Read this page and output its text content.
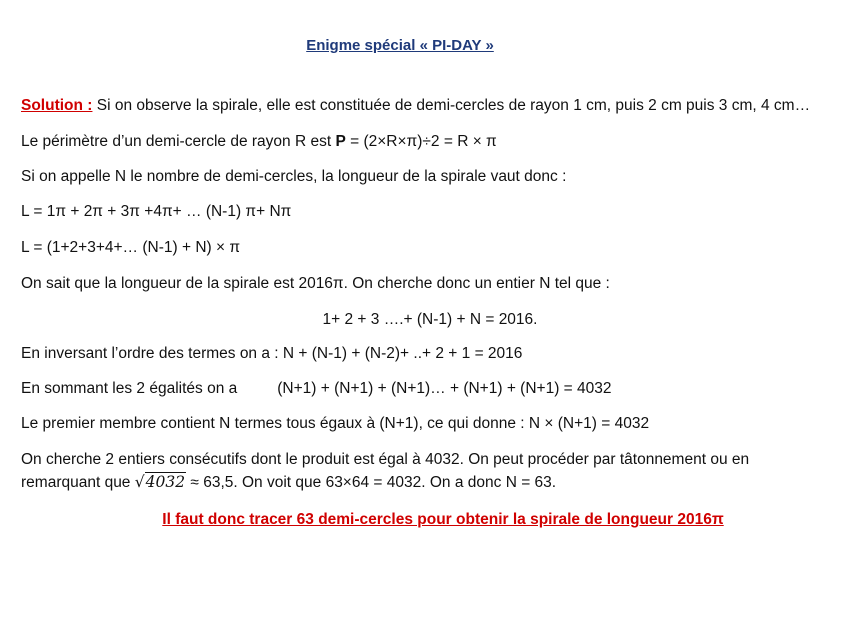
Enigme spécial « PI-DAY »
Solution : Si on observe la spirale, elle est constituée de demi-cercles de rayon 1 cm, puis 2 cm puis 3 cm, 4 cm…
Le périmètre d’un demi-cercle de rayon R est P = (2×R×π)÷2 = R × π
Si on appelle N le nombre de demi-cercles, la longueur de la spirale vaut donc :
L = 1π + 2π + 3π +4π+ … (N-1) π+ Nπ
L = (1+2+3+4+… (N-1) + N) × π
On sait que la longueur de la spirale est 2016π. On cherche donc un entier N tel que :
1+ 2 + 3 ….+ (N-1) + N = 2016.
En inversant l’ordre des termes on a : N + (N-1) + (N-2)+ ..+ 2 + 1 = 2016
En sommant les 2 égalités on a	(N+1) + (N+1) + (N+1)… + (N+1) + (N+1) = 4032
Le premier membre contient N termes tous égaux à (N+1), ce qui donne : N × (N+1) = 4032
On cherche 2 entiers consécutifs dont le produit est égal à 4032. On peut procéder par tâtonnement ou en
remarquant que √4032 ≈ 63,5. On voit que 63×64 = 4032. On a donc N = 63.
Il faut donc tracer 63 demi-cercles pour obtenir la spirale de longueur 2016π
